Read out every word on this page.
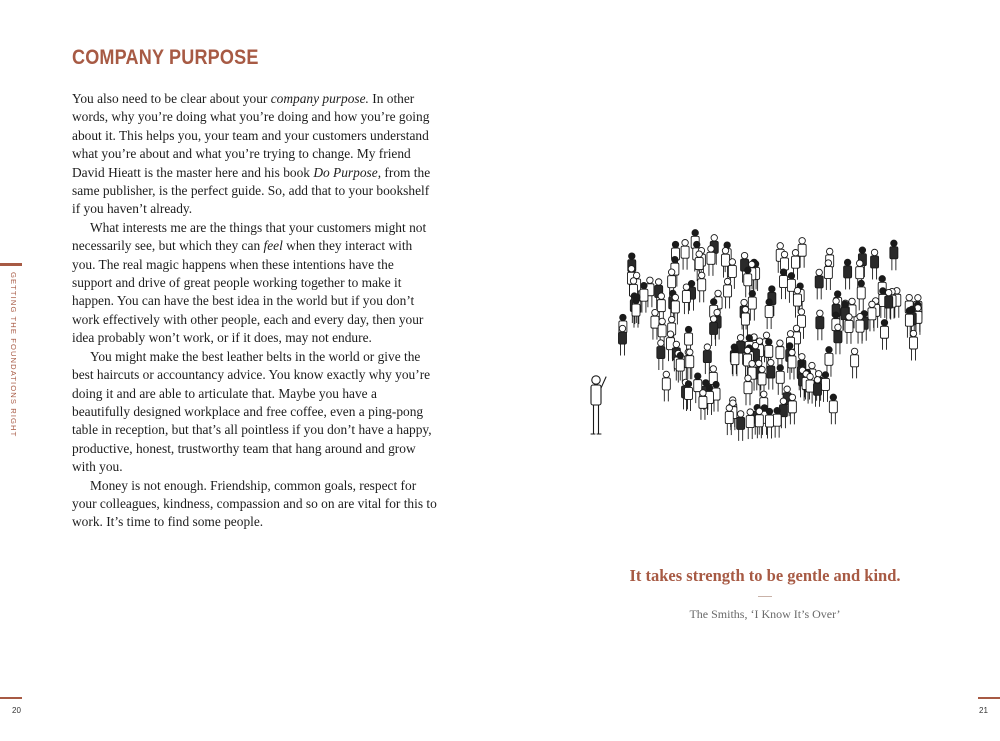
COMPANY PURPOSE

You also need to be clear about your company purpose. In other words, why you’re doing what you’re doing and how you’re going about it. This helps you, your team and your customers understand what you’re about and what you’re trying to change. My friend David Hieatt is the master here and his book Do Purpose, from the same publisher, is the perfect guide. So, add that to your bookshelf if you haven’t already.

What interests me are the things that your customers might not necessarily see, but which they can feel when they interact with you. The real magic happens when these intentions have the support and drive of great people working together to make it happen. You can have the best idea in the world but if you don’t work effectively with other people, each and every day, then your idea probably won’t work, or if it does, may not endure.

You might make the best leather belts in the world or give the best haircuts or accountancy advice. You know exactly why you’re doing it and are able to articulate that. Maybe you have a beautifully designed workplace and free coffee, even a ping-pong table in reception, but that’s all pointless if you don’t have a happy, productive, honest, trustworthy team that hang around and grow with you.

Money is not enough. Friendship, common goals, respect for your colleagues, kindness, compassion and so on are vital for this to work. It’s time to find some people.

GETTING THE FOUNDATIONS RIGHT
20
It takes strength to be gentle and kind.
The Smiths, ‘I Know It’s Over’
21
